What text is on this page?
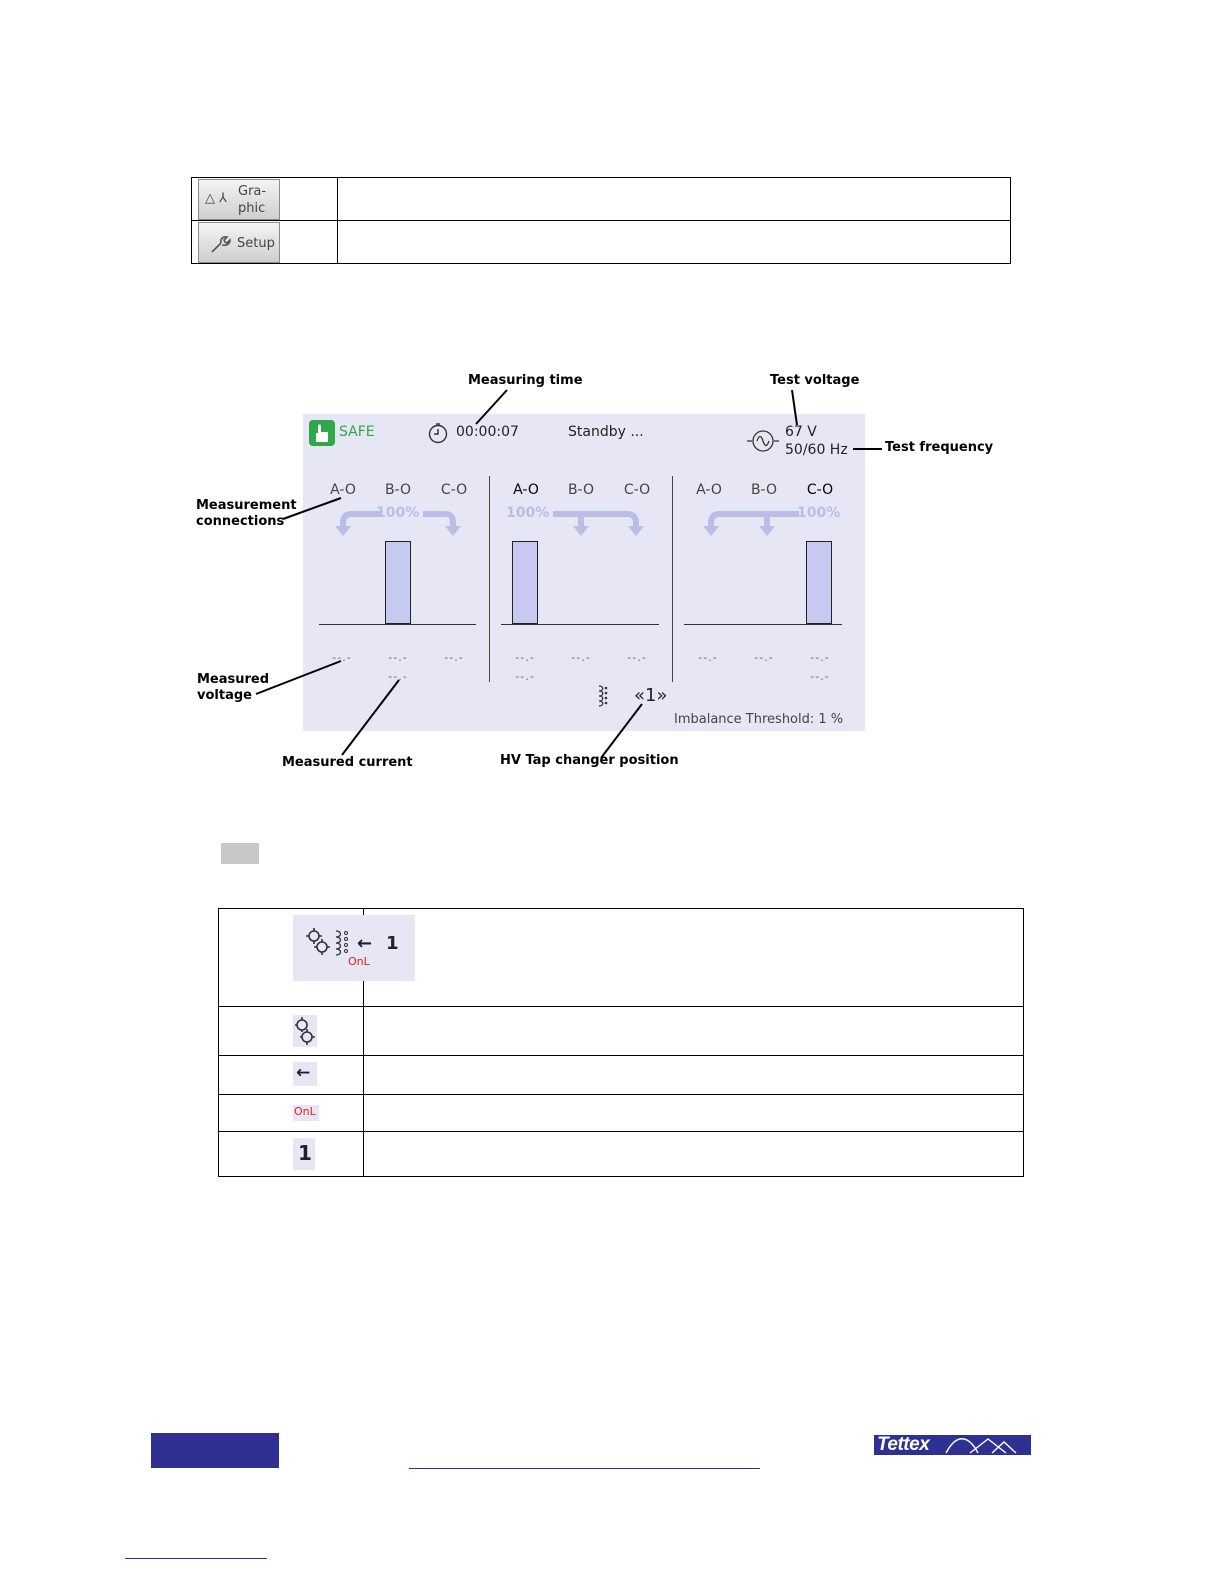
△ ⅄ Gra-
phic
Setup
SAFE	00:00:07	Standby ...	67 V
50/60 Hz
A-O	B-O	C-O
100%
--.-	--.-	--.-
--.-
A-O	B-O	C-O
100%
--.-	--.-	--.-
--.-
A-O	B-O	C-O
100%
--.-	--.-	--.-
--.-
«1»
Imbalance Threshold: 1 %
Measuring time	Test voltage
Test frequency
Measurement
connections
Measured
voltage
Measured current	HV Tap changer position
← 1
OnL
←
OnL
1
Tettex
